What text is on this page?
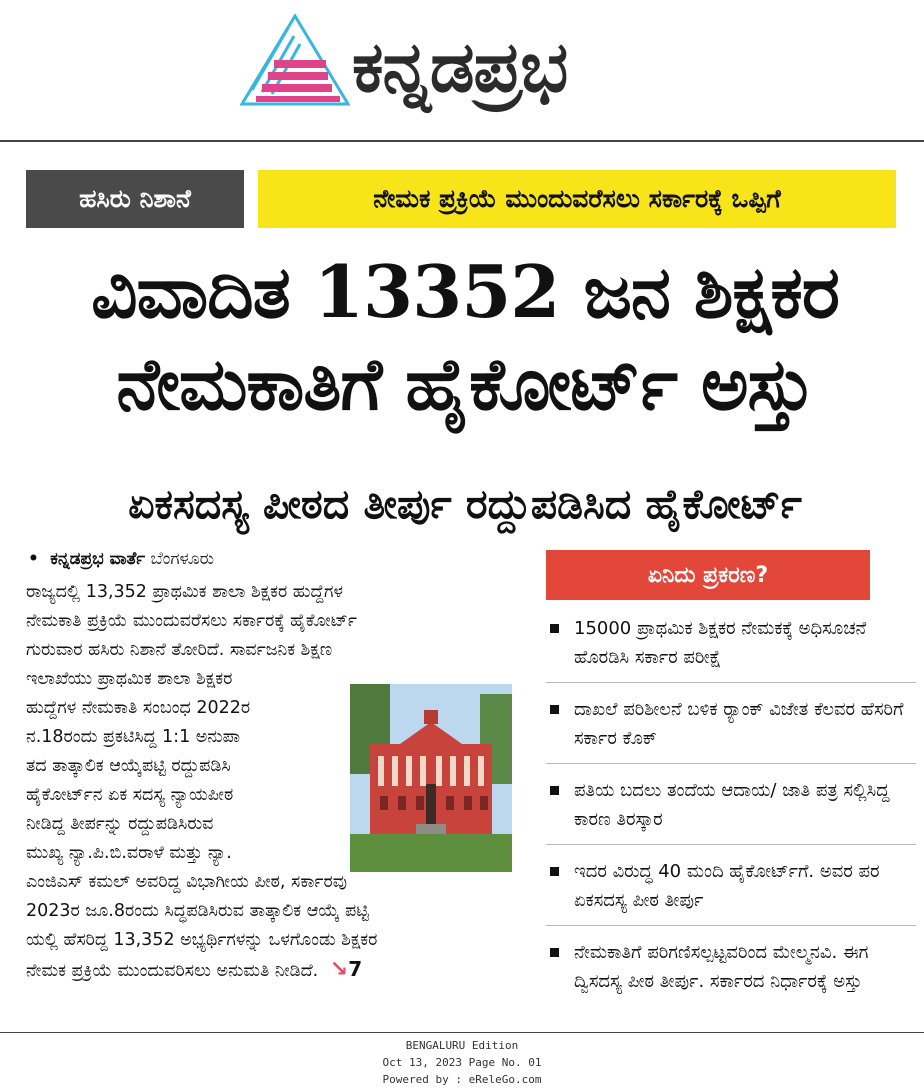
ಕನ್ನಡಪ್ರಭ
ಹಸಿರು ನಿಶಾನೆ	ನೇಮಕ ಪ್ರಕ್ರಿಯೆ ಮುಂದುವರೆಸಲು ಸರ್ಕಾರಕ್ಕೆ ಒಪ್ಪಿಗೆ
ವಿವಾದಿತ 13352 ಜನ ಶಿಕ್ಷಕರ
ನೇಮಕಾತಿಗೆ ಹೈಕೋರ್ಟ್ ಅಸ್ತು
ಏಕಸದಸ್ಯ ಪೀಠದ ತೀರ್ಪು ರದ್ದುಪಡಿಸಿದ ಹೈಕೋರ್ಟ್
• ಕನ್ನಡಪ್ರಭ ವಾರ್ತೆ ಬೆಂಗಳೂರು
ರಾಜ್ಯದಲ್ಲಿ 13,352 ಪ್ರಾಥಮಿಕ ಶಾಲಾ ಶಿಕ್ಷಕರ ಹುದ್ದೆಗಳ
ನೇಮಕಾತಿ ಪ್ರಕ್ರಿಯೆ ಮುಂದುವರೆಸಲು ಸರ್ಕಾರಕ್ಕೆ ಹೈಕೋರ್ಟ್
ಗುರುವಾರ ಹಸಿರು ನಿಶಾನೆ ತೋರಿದೆ. ಸಾರ್ವಜನಿಕ ಶಿಕ್ಷಣ
ಇಲಾಖೆಯು ಪ್ರಾಥಮಿಕ ಶಾಲಾ ಶಿಕ್ಷಕರ
ಹುದ್ದೆಗಳ ನೇಮಕಾತಿ ಸಂಬಂಧ 2022ರ
ನ.18ರಂದು ಪ್ರಕಟಿಸಿದ್ದ 1:1 ಅನುಪಾ
ತದ ತಾತ್ಕಾಲಿಕ ಆಯ್ಕೆಪಟ್ಟಿ ರದ್ದುಪಡಿಸಿ
ಹೈಕೋರ್ಟ್‌ನ ಏಕ ಸದಸ್ಯ ನ್ಯಾಯಪೀಠ
ನೀಡಿದ್ದ ತೀರ್ಪನ್ನು ರದ್ದುಪಡಿಸಿರುವ
ಮುಖ್ಯ ನ್ಯಾ.ಪಿ.ಬಿ.ವರಾಳೆ ಮತ್ತು ನ್ಯಾ.
ಎಂಜಿಎಸ್ ಕಮಲ್ ಅವರಿದ್ದ ವಿಭಾಗೀಯ ಪೀಠ, ಸರ್ಕಾರವು
2023ರ ಜೂ.8ರಂದು ಸಿದ್ಧಪಡಿಸಿರುವ ತಾತ್ಕಾಲಿಕ ಆಯ್ಕೆ ಪಟ್ಟಿ
ಯಲ್ಲಿ ಹೆಸರಿದ್ದ 13,352 ಅಭ್ಯರ್ಥಿಗಳನ್ನು ಒಳಗೊಂಡು ಶಿಕ್ಷಕರ
ನೇಮಕ ಪ್ರಕ್ರಿಯೆ ಮುಂದುವರಿಸಲು ಅನುಮತಿ ನೀಡಿದೆ. ↘7
ಏನಿದು ಪ್ರಕರಣ?
15000 ಪ್ರಾಥಮಿಕ ಶಿಕ್ಷಕರ ನೇಮಕಕ್ಕೆ ಅಧಿಸೂಚನೆ ಹೊರಡಿಸಿ ಸರ್ಕಾರ ಪರೀಕ್ಷೆ
ದಾಖಲೆ ಪರಿಶೀಲನೆ ಬಳಿಕ ರ‍್ಯಾಂಕ್ ವಿಜೇತ ಕೆಲವರ ಹೆಸರಿಗೆ ಸರ್ಕಾರ ಕೊಕ್
ಪತಿಯ ಬದಲು ತಂದೆಯ ಆದಾಯ/ ಜಾತಿ ಪತ್ರ ಸಲ್ಲಿಸಿದ್ದ ಕಾರಣ ತಿರಸ್ಕಾರ
ಇದರ ವಿರುದ್ಧ 40 ಮಂದಿ ಹೈಕೋರ್ಟ್‌ಗೆ. ಅವರ ಪರ ಏಕಸದಸ್ಯ ಪೀಠ ತೀರ್ಪು
ನೇಮಕಾತಿಗೆ ಪರಿಗಣಿಸಲ್ಪಟ್ಟವರಿಂದ ಮೇಲ್ಮನವಿ. ಈಗ ದ್ವಿಸದಸ್ಯ ಪೀಠ ತೀರ್ಪು. ಸರ್ಕಾರದ ನಿರ್ಧಾರಕ್ಕೆ ಅಸ್ತು
BENGALURU Edition
Oct 13, 2023 Page No. 01
Powered by : eReleGo.com
